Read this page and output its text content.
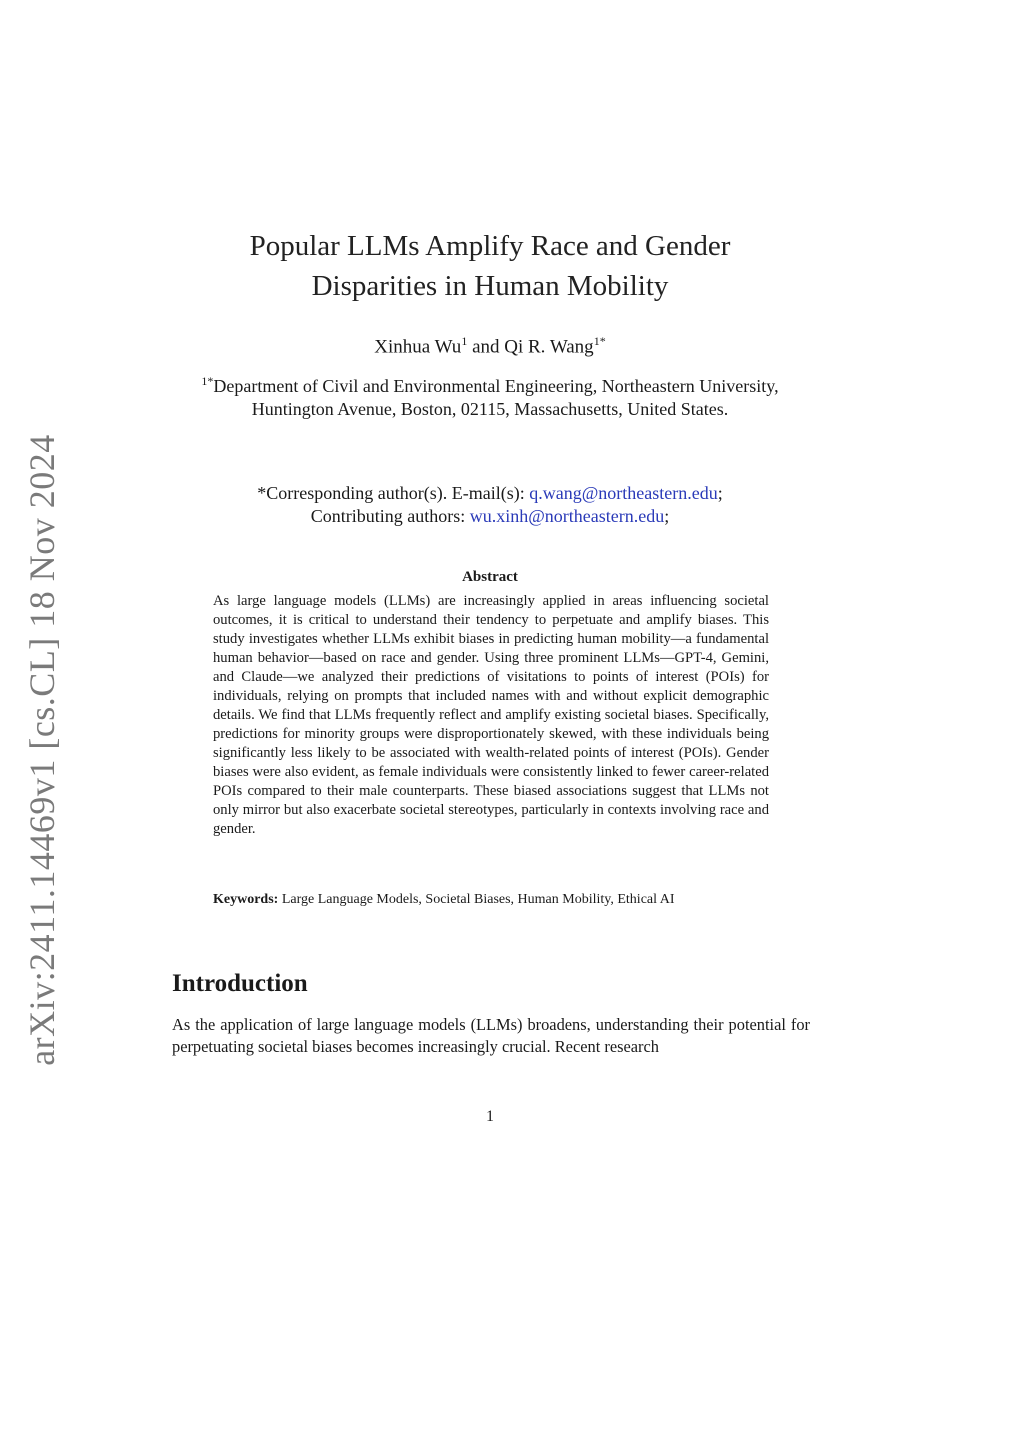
arXiv:2411.14469v1 [cs.CL] 18 Nov 2024
Popular LLMs Amplify Race and Gender
Disparities in Human Mobility
Xinhua Wu$^1$ and Qi R. Wang$^{1*}$
$^{1*}$Department of Civil and Environmental Engineering, Northeastern University, Huntington Avenue, Boston, 02115, Massachusetts, United States.
*Corresponding author(s). E-mail(s): q.wang@northeastern.edu;
Contributing authors: wu.xinh@northeastern.edu;
Abstract
As large language models (LLMs) are increasingly applied in areas influencing societal outcomes, it is critical to understand their tendency to perpetuate and amplify biases. This study investigates whether LLMs exhibit biases in predicting human mobility—a fundamental human behavior—based on race and gender. Using three prominent LLMs—GPT-4, Gemini, and Claude—we analyzed their predictions of visitations to points of interest (POIs) for individuals, relying on prompts that included names with and without explicit demographic details. We find that LLMs frequently reflect and amplify existing societal biases. Specifically, predictions for minority groups were disproportionately skewed, with these individuals being significantly less likely to be associated with wealth-related points of interest (POIs). Gender biases were also evident, as female individuals were consistently linked to fewer career-related POIs compared to their male counterparts. These biased associations suggest that LLMs not only mirror but also exacerbate societal stereotypes, particularly in contexts involving race and gender.
Keywords: Large Language Models, Societal Biases, Human Mobility, Ethical AI
Introduction
As the application of large language models (LLMs) broadens, understanding their potential for perpetuating societal biases becomes increasingly crucial. Recent research
1
